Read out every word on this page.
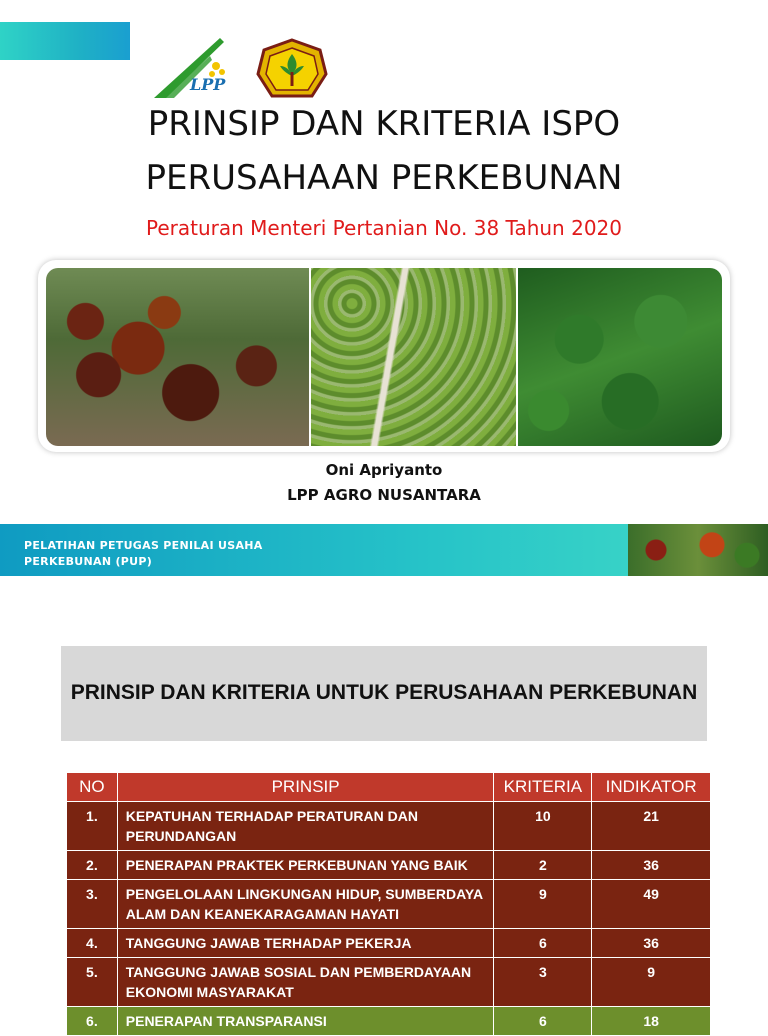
LPP
PRINSIP DAN KRITERIA ISPO
PERUSAHAAN PERKEBUNAN
Peraturan Menteri Pertanian No. 38 Tahun 2020
Oni Apriyanto
LPP AGRO NUSANTARA
PELATIHAN PETUGAS PENILAI USAHA
PERKEBUNAN (PUP)
PRINSIP DAN KRITERIA UNTUK PERUSAHAAN PERKEBUNAN
NO	PRINSIP	KRITERIA	INDIKATOR
1.	KEPATUHAN TERHADAP PERATURAN DAN PERUNDANGAN	10	21
2.	PENERAPAN PRAKTEK PERKEBUNAN YANG BAIK	2	36
3.	PENGELOLAAN LINGKUNGAN HIDUP, SUMBERDAYA ALAM DAN KEANEKARAGAMAN HAYATI	9	49
4.	TANGGUNG JAWAB TERHADAP PEKERJA	6	36
5.	TANGGUNG JAWAB SOSIAL DAN PEMBERDAYAAN EKONOMI MASYARAKAT	3	9
6.	PENERAPAN TRANSPARANSI	6	18
